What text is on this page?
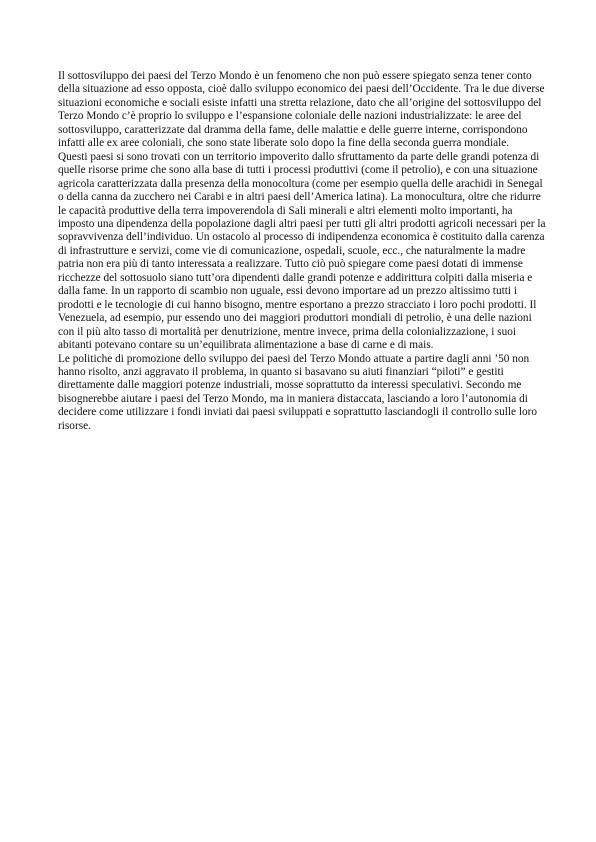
Il sottosviluppo dei paesi del Terzo Mondo è un fenomeno che non può essere spiegato senza tener conto della situazione ad esso opposta, cioè dallo sviluppo economico dei paesi dell’Occidente. Tra le due diverse situazioni economiche e sociali esiste infatti una stretta relazione, dato che all’origine del sottosviluppo del Terzo Mondo c’è proprio lo sviluppo e l’espansione coloniale delle nazioni industrializzate: le aree del sottosviluppo, caratterizzate dal dramma della fame, delle malattie e delle guerre interne, corrispondono infatti alle ex aree coloniali, che sono state liberate solo dopo la fine della seconda guerra mondiale.

Questi paesi si sono trovati con un territorio impoverito dallo sfruttamento da parte delle grandi potenza di quelle risorse prime che sono alla base di tutti i processi produttivi (come il petrolio), e con una situazione agricola caratterizzata dalla presenza della monocoltura (come per esempio quella delle arachidi in Senegal o della canna da zucchero nei Carabi e in altri paesi dell’America latina). La monocultura, oltre che ridurre le capacità produttive della terra impoverendola di Sali minerali e altri elementi molto importanti, ha imposto una dipendenza della popolazione dagli altri paesi per tutti gli altri prodotti agricoli necessari per la sopravvivenza dell’individuo. Un ostacolo al processo di indipendenza economica è costituito dalla carenza di infrastrutture e servizi, come vie di comunicazione, ospedali, scuole, ecc., che naturalmente la madre patria non era più di tanto interessata a realizzare. Tutto ciò può spiegare come paesi dotati di immense ricchezze del sottosuolo siano tutt’ora dipendenti dalle grandi potenze e addirittura colpiti dalla miseria e dalla fame. In un rapporto di scambio non uguale, essi devono importare ad un prezzo altissimo tutti i prodotti e le tecnologie di cui hanno bisogno, mentre esportano a prezzo stracciato i loro pochi prodotti. Il Venezuela, ad esempio, pur essendo uno dei maggiori produttori mondiali di petrolio, è una delle nazioni con il più alto tasso di mortalità per denutrizione, mentre invece, prima della colonializzazione, i suoi abitanti potevano contare su un’equilibrata alimentazione a base di carne e di mais.

Le politiche di promozione dello sviluppo dei paesi del Terzo Mondo attuate a partire dagli anni ’50 non hanno risolto, anzi aggravato il problema, in quanto si basavano su aiuti finanziari “piloti” e gestiti direttamente dalle maggiori potenze industriali, mosse soprattutto da interessi speculativi. Secondo me bisognerebbe aiutare i paesi del Terzo Mondo, ma in maniera distaccata, lasciando a loro l’autonomia di decidere come utilizzare i fondi inviati dai paesi sviluppati e soprattutto lasciandogli il controllo sulle loro risorse.
